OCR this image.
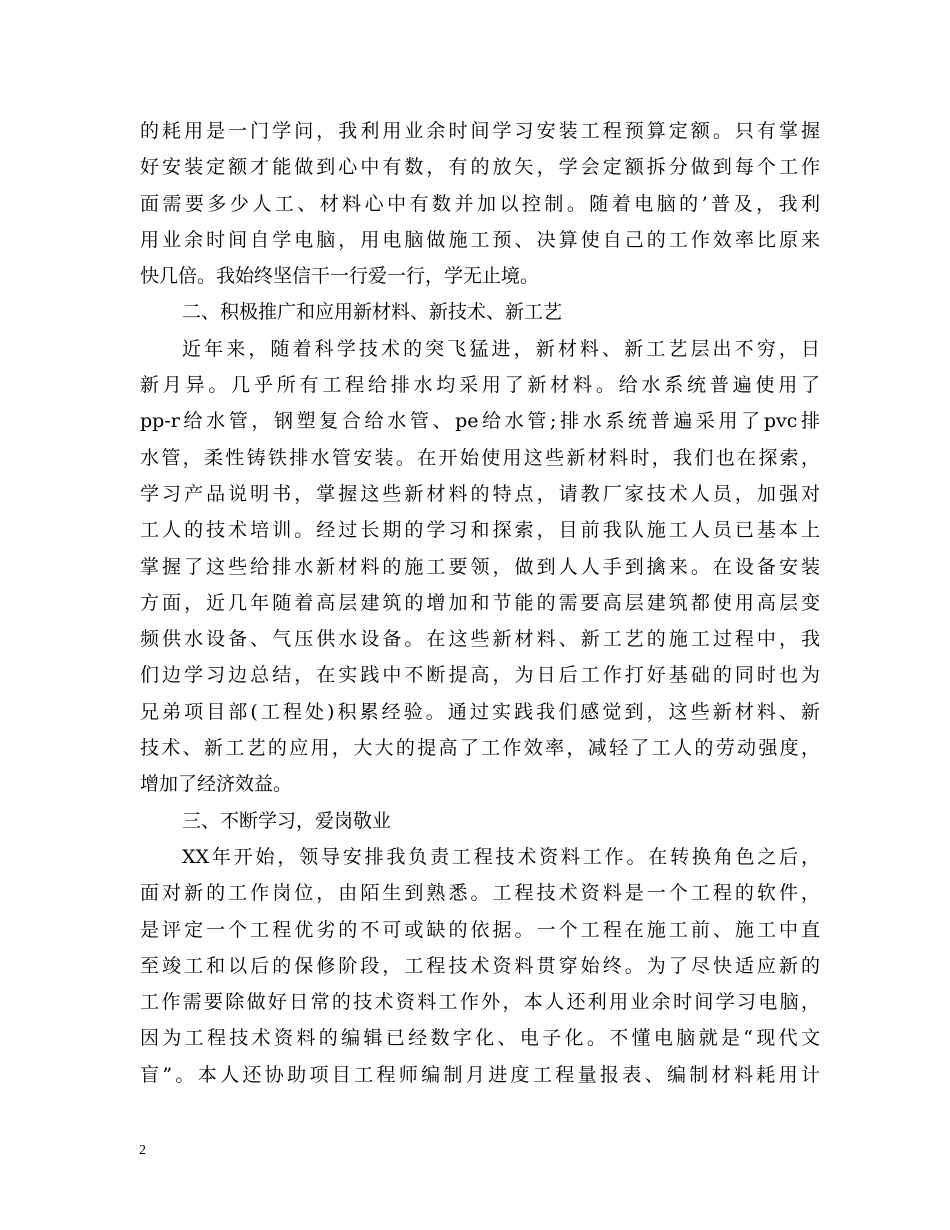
的耗用是一门学问，我利用业余时间学习安装工程预算定额。只有掌握
好安装定额才能做到心中有数，有的放矢，学会定额拆分做到每个工作
面需要多少人工、材料心中有数并加以控制。随着电脑的’普及，我利
用业余时间自学电脑，用电脑做施工预、决算使自己的工作效率比原来
快几倍。我始终坚信干一行爱一行，学无止境。
二、积极推广和应用新材料、新技术、新工艺
近年来，随着科学技术的突飞猛进，新材料、新工艺层出不穷，日
新月异。几乎所有工程给排水均采用了新材料。给水系统普遍使用了
pp-r给水管，钢塑复合给水管、pe给水管;排水系统普遍采用了pvc排
水管，柔性铸铁排水管安装。在开始使用这些新材料时，我们也在探索，
学习产品说明书，掌握这些新材料的特点，请教厂家技术人员，加强对
工人的技术培训。经过长期的学习和探索，目前我队施工人员已基本上
掌握了这些给排水新材料的施工要领，做到人人手到擒来。在设备安装
方面，近几年随着高层建筑的增加和节能的需要高层建筑都使用高层变
频供水设备、气压供水设备。在这些新材料、新工艺的施工过程中，我
们边学习边总结，在实践中不断提高，为日后工作打好基础的同时也为
兄弟项目部(工程处)积累经验。通过实践我们感觉到，这些新材料、新
技术、新工艺的应用，大大的提高了工作效率，减轻了工人的劳动强度，
增加了经济效益。
三、不断学习，爱岗敬业
XX年开始，领导安排我负责工程技术资料工作。在转换角色之后，
面对新的工作岗位，由陌生到熟悉。工程技术资料是一个工程的软件，
是评定一个工程优劣的不可或缺的依据。一个工程在施工前、施工中直
至竣工和以后的保修阶段，工程技术资料贯穿始终。为了尽快适应新的
工作需要除做好日常的技术资料工作外，本人还利用业余时间学习电脑，
因为工程技术资料的编辑已经数字化、电子化。不懂电脑就是“现代文
盲”。本人还协助项目工程师编制月进度工程量报表、编制材料耗用计
2
